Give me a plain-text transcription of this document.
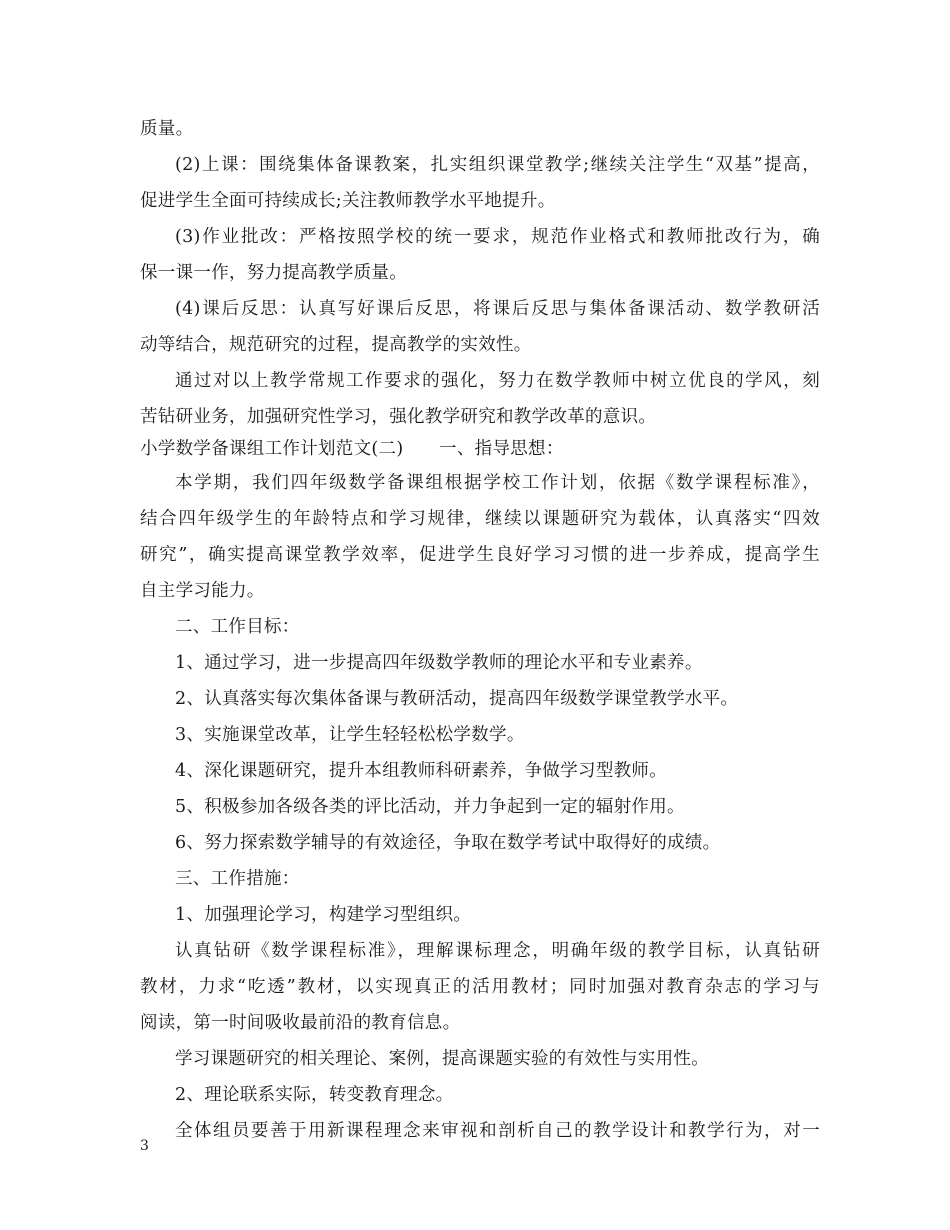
质量。
(2)上课：围绕集体备课教案，扎实组织课堂教学;继续关注学生“双基”提高，
促进学生全面可持续成长;关注教师教学水平地提升。
(3)作业批改：严格按照学校的统一要求，规范作业格式和教师批改行为，确
保一课一作，努力提高教学质量。
(4)课后反思：认真写好课后反思，将课后反思与集体备课活动、数学教研活
动等结合，规范研究的过程，提高教学的实效性。
通过对以上教学常规工作要求的强化，努力在数学教师中树立优良的学风，刻
苦钻研业务，加强研究性学习，强化教学研究和教学改革的意识。
小学数学备课组工作计划范文(二)　　一、指导思想：
本学期，我们四年级数学备课组根据学校工作计划，依据《数学课程标准》，
结合四年级学生的年龄特点和学习规律，继续以课题研究为载体，认真落实“四效
研究”，确实提高课堂教学效率，促进学生良好学习习惯的进一步养成，提高学生
自主学习能力。
二、工作目标：
1、通过学习，进一步提高四年级数学教师的理论水平和专业素养。
2、认真落实每次集体备课与教研活动，提高四年级数学课堂教学水平。
3、实施课堂改革，让学生轻轻松松学数学。
4、深化课题研究，提升本组教师科研素养，争做学习型教师。
5、积极参加各级各类的评比活动，并力争起到一定的辐射作用。
6、努力探索数学辅导的有效途径，争取在数学考试中取得好的成绩。
三、工作措施：
1、加强理论学习，构建学习型组织。
认真钻研《数学课程标准》，理解课标理念，明确年级的教学目标，认真钻研
教材，力求“吃透”教材，以实现真正的活用教材；同时加强对教育杂志的学习与
阅读，第一时间吸收最前沿的教育信息。
学习课题研究的相关理论、案例，提高课题实验的有效性与实用性。
2、理论联系实际，转变教育理念。
全体组员要善于用新课程理念来审视和剖析自己的教学设计和教学行为，对一
3
